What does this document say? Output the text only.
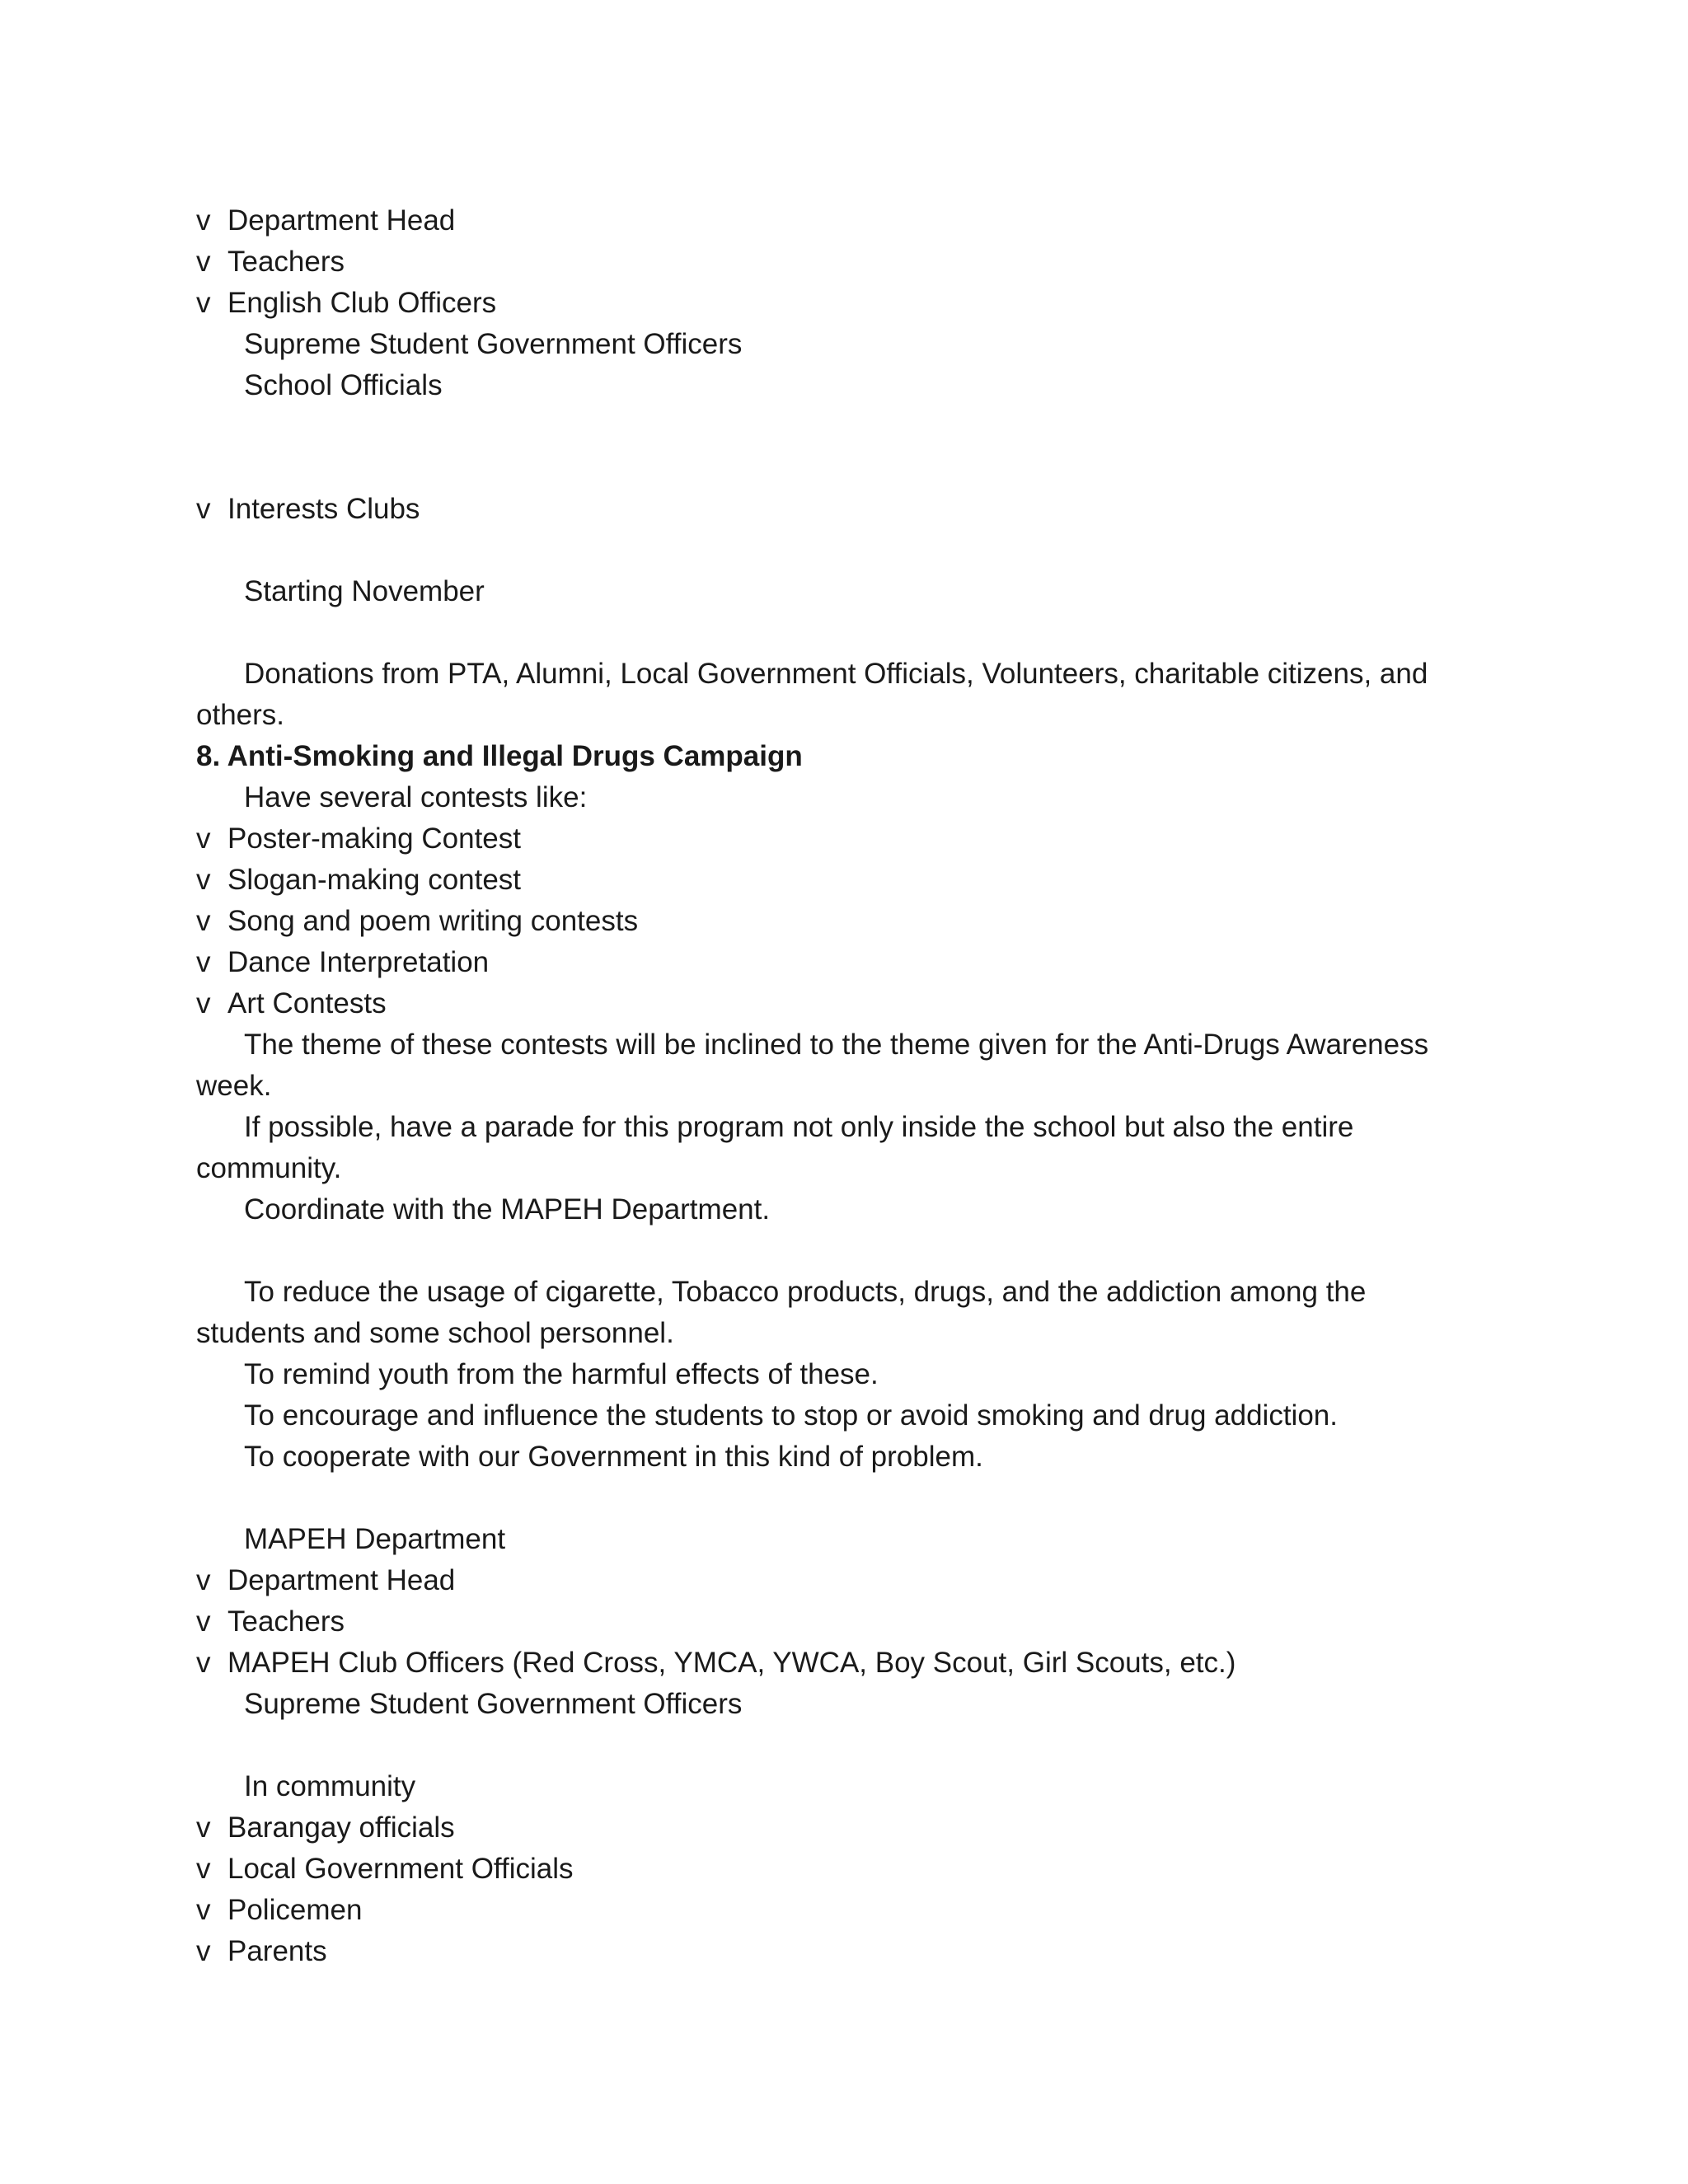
v Department Head
v Teachers
v English Club Officers
Supreme Student Government Officers
School Officials
v Interests Clubs
Starting November
Donations from PTA, Alumni, Local Government Officials, Volunteers, charitable citizens, and others.
8. Anti-Smoking and Illegal Drugs Campaign
Have several contests like:
v Poster-making Contest
v Slogan-making contest
v Song and poem writing contests
v Dance Interpretation
v Art Contests
The theme of these contests will be inclined to the theme given for the Anti-Drugs Awareness week.
If possible, have a parade for this program not only inside the school but also the entire community.
Coordinate with the MAPEH Department.
To reduce the usage of cigarette, Tobacco products, drugs, and the addiction among the students and some school personnel.
To remind youth from the harmful effects of these.
To encourage and influence the students to stop or avoid smoking and drug addiction.
To cooperate with our Government in this kind of problem.
MAPEH Department
v Department Head
v Teachers
v MAPEH Club Officers (Red Cross, YMCA, YWCA, Boy Scout, Girl Scouts, etc.)
Supreme Student Government Officers
In community
v Barangay officials
v Local Government Officials
v Policemen
v Parents
